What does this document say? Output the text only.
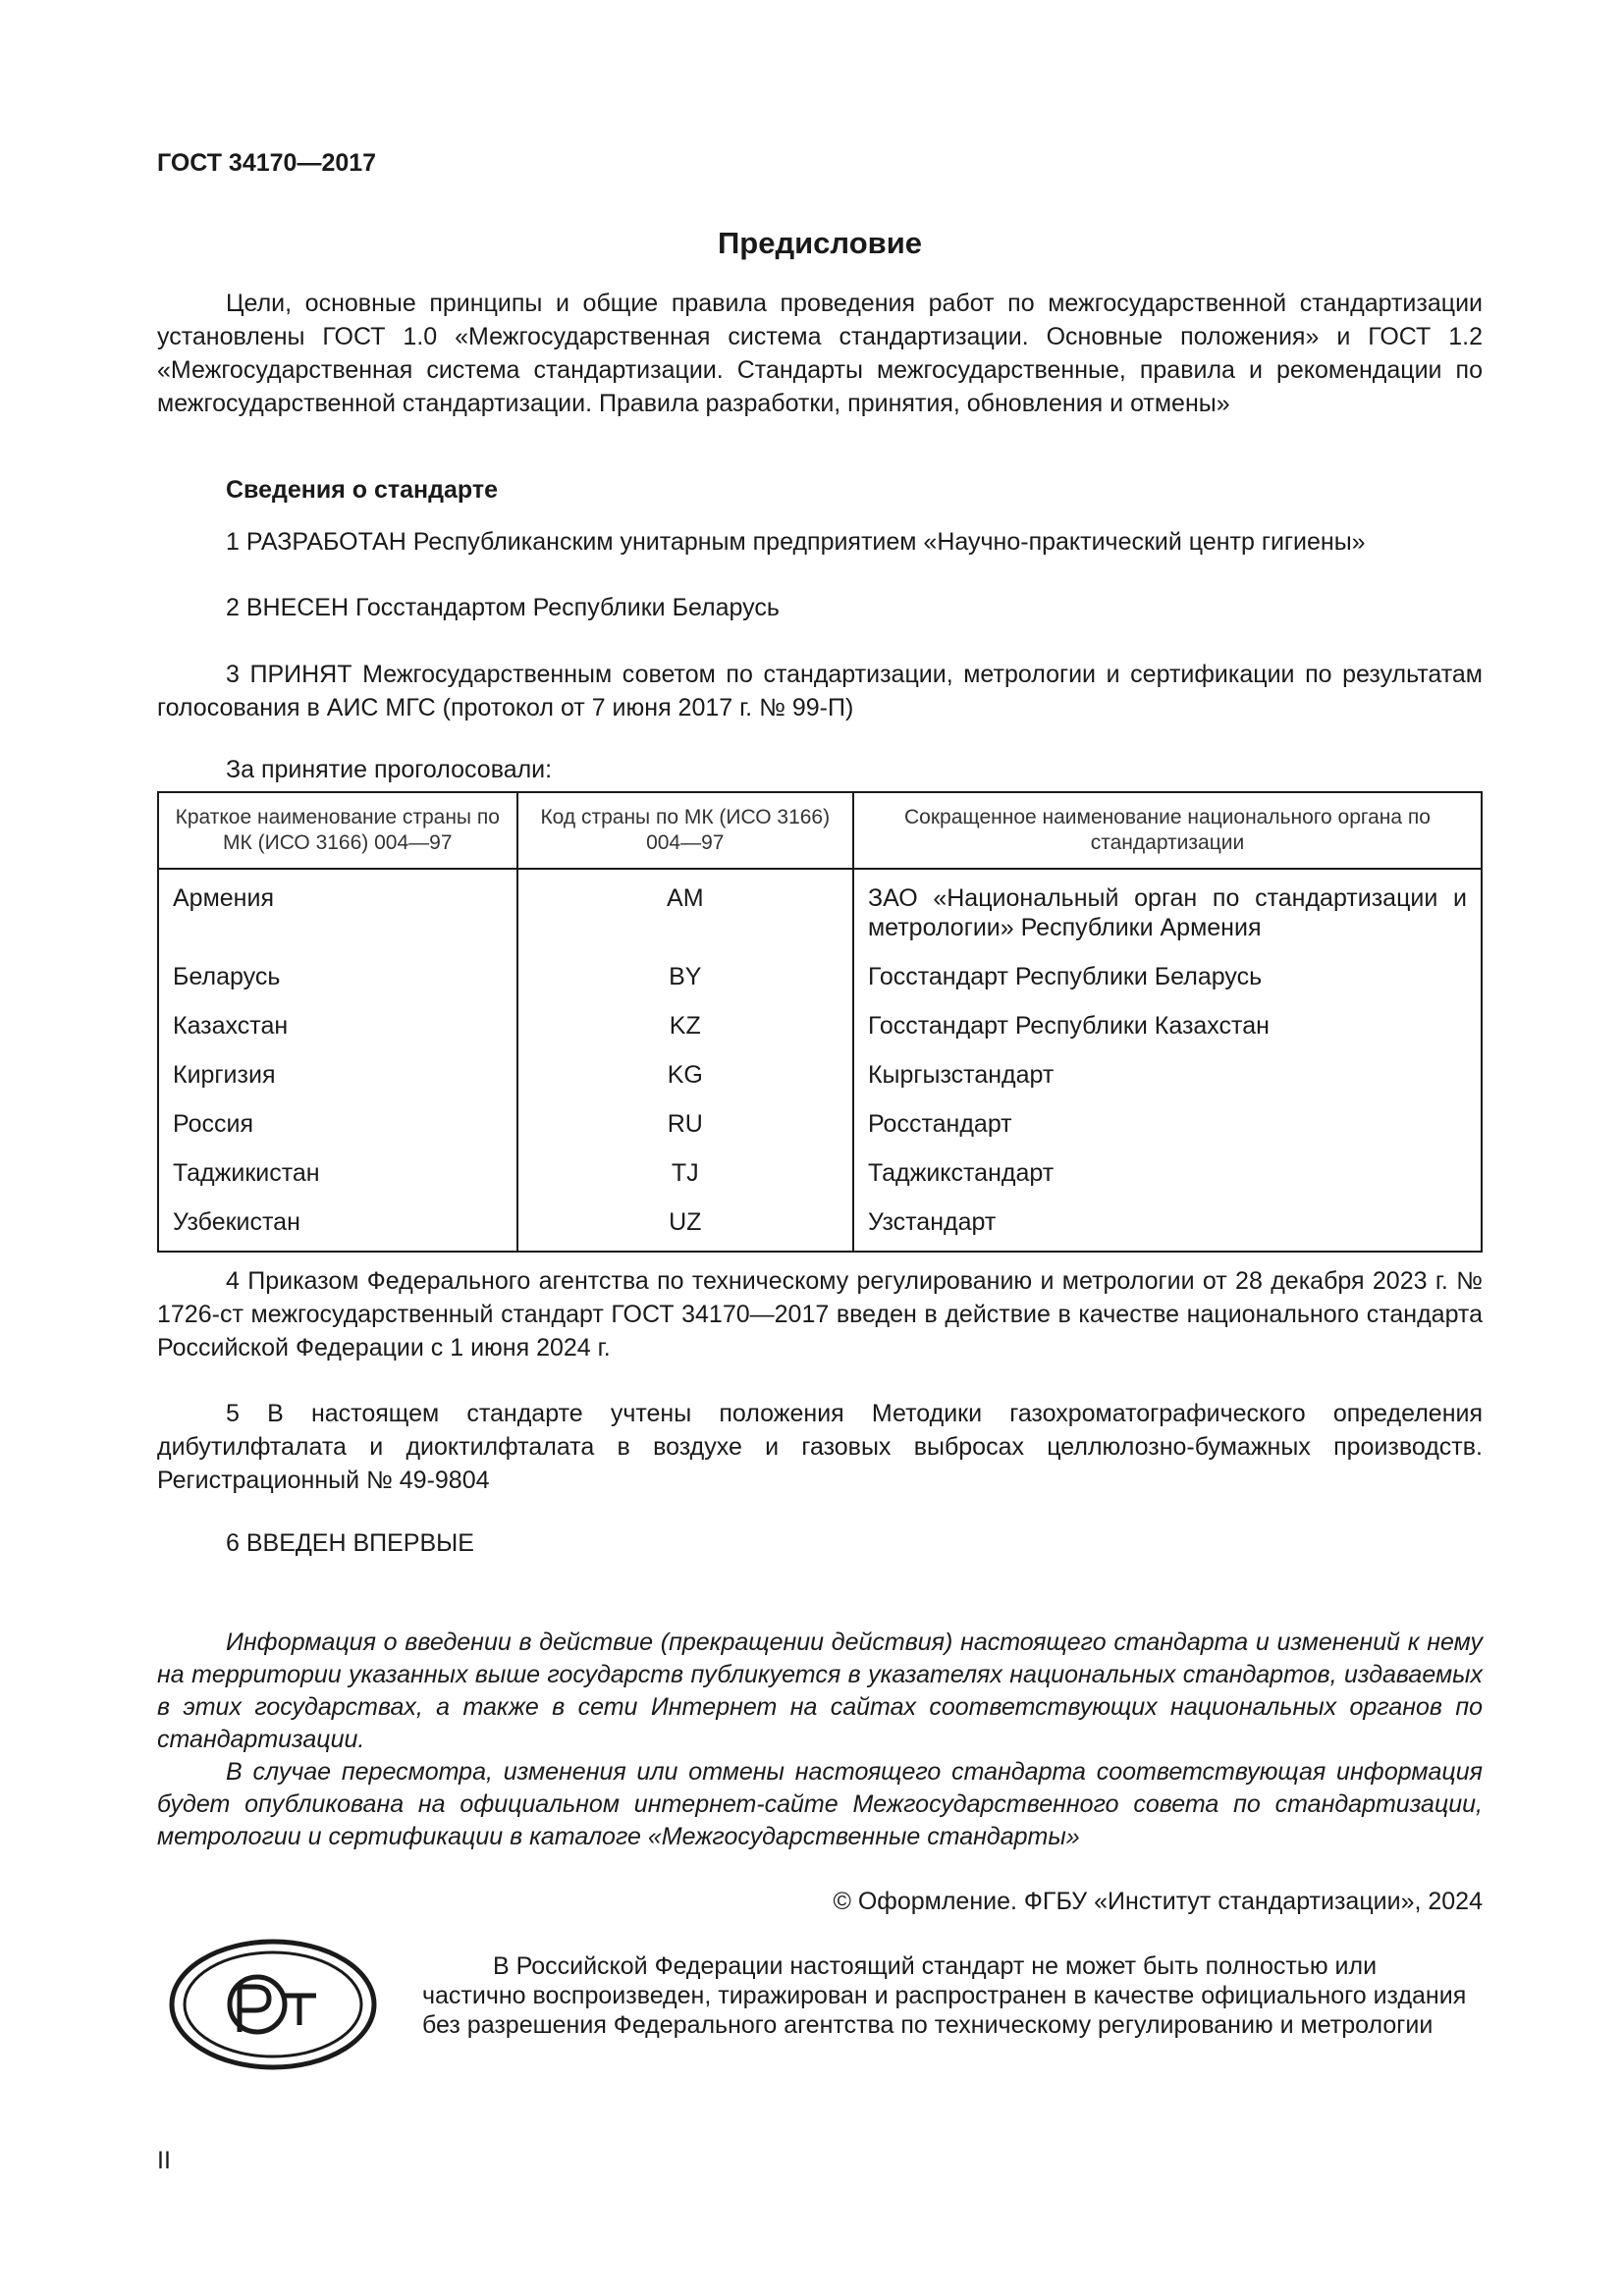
ГОСТ 34170—2017
Предисловие
Цели, основные принципы и общие правила проведения работ по межгосударственной стандартизации установлены ГОСТ 1.0 «Межгосударственная система стандартизации. Основные положения» и ГОСТ 1.2 «Межгосударственная система стандартизации. Стандарты межгосударственные, правила и рекомендации по межгосударственной стандартизации. Правила разработки, принятия, обновления и отмены»
Сведения о стандарте
1 РАЗРАБОТАН Республиканским унитарным предприятием «Научно-практический центр гигиены»
2 ВНЕСЕН Госстандартом Республики Беларусь
3 ПРИНЯТ Межгосударственным советом по стандартизации, метрологии и сертификации по результатам голосования в АИС МГС (протокол от 7 июня 2017 г. № 99-П)
За принятие проголосовали:
Краткое наименование страны по МК (ИСО 3166) 004—97	Код страны по МК (ИСО 3166) 004—97	Сокращенное наименование национального органа по стандартизации
Армения	AM	ЗАО «Национальный орган по стандартизации и метрологии» Республики Армения
Беларусь	BY	Госстандарт Республики Беларусь
Казахстан	KZ	Госстандарт Республики Казахстан
Киргизия	KG	Кыргызстандарт
Россия	RU	Росстандарт
Таджикистан	TJ	Таджикстандарт
Узбекистан	UZ	Узстандарт
4 Приказом Федерального агентства по техническому регулированию и метрологии от 28 декабря 2023 г. № 1726-ст межгосударственный стандарт ГОСТ 34170—2017 введен в действие в качестве национального стандарта Российской Федерации с 1 июня 2024 г.
5 В настоящем стандарте учтены положения Методики газохроматографического определения дибутилфталата и диоктилфталата в воздухе и газовых выбросах целлюлозно-бумажных производств. Регистрационный № 49-9804
6 ВВЕДЕН ВПЕРВЫЕ

Информация о введении в действие (прекращении действия) настоящего стандарта и изменений к нему на территории указанных выше государств публикуется в указателях национальных стандартов, издаваемых в этих государствах, а также в сети Интернет на сайтах соответствующих национальных органов по стандартизации.

В случае пересмотра, изменения или отмены настоящего стандарта соответствующая информация будет опубликована на официальном интернет-сайте Межгосударственного совета по стандартизации, метрологии и сертификации в каталоге «Межгосударственные стандарты»

© Оформление. ФГБУ «Институт стандартизации», 2024
В Российской Федерации настоящий стандарт не может быть полностью или частично воспроизведен, тиражирован и распространен в качестве официального издания без разрешения Федерального агентства по техническому регулированию и метрологии
II
